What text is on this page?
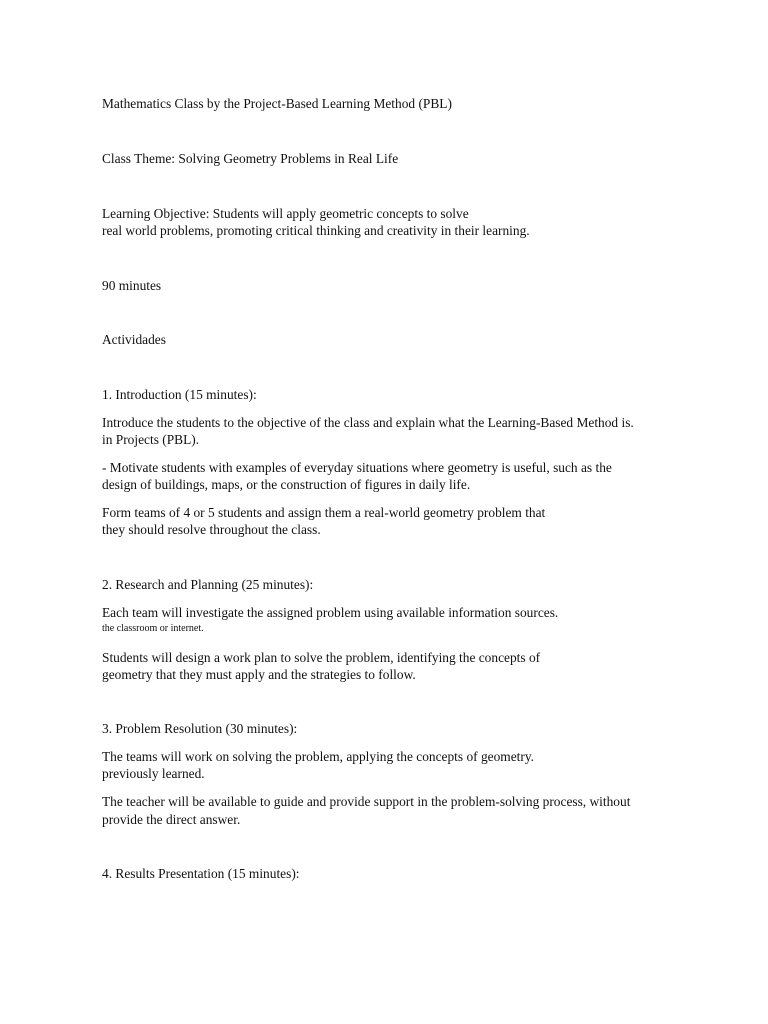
Mathematics Class by the Project-Based Learning Method (PBL)

Class Theme: Solving Geometry Problems in Real Life

Learning Objective: Students will apply geometric concepts to solve

real world problems, promoting critical thinking and creativity in their learning.

90 minutes

Actividades

1. Introduction (15 minutes):

Introduce the students to the objective of the class and explain what the Learning-Based Method is.

in Projects (PBL).

- Motivate students with examples of everyday situations where geometry is useful, such as the

design of buildings, maps, or the construction of figures in daily life.

Form teams of 4 or 5 students and assign them a real-world geometry problem that

they should resolve throughout the class.

2. Research and Planning (25 minutes):

Each team will investigate the assigned problem using available information sources.

the classroom or internet.

Students will design a work plan to solve the problem, identifying the concepts of

geometry that they must apply and the strategies to follow.

3. Problem Resolution (30 minutes):

The teams will work on solving the problem, applying the concepts of geometry.

previously learned.

The teacher will be available to guide and provide support in the problem-solving process, without

provide the direct answer.

4. Results Presentation (15 minutes):
